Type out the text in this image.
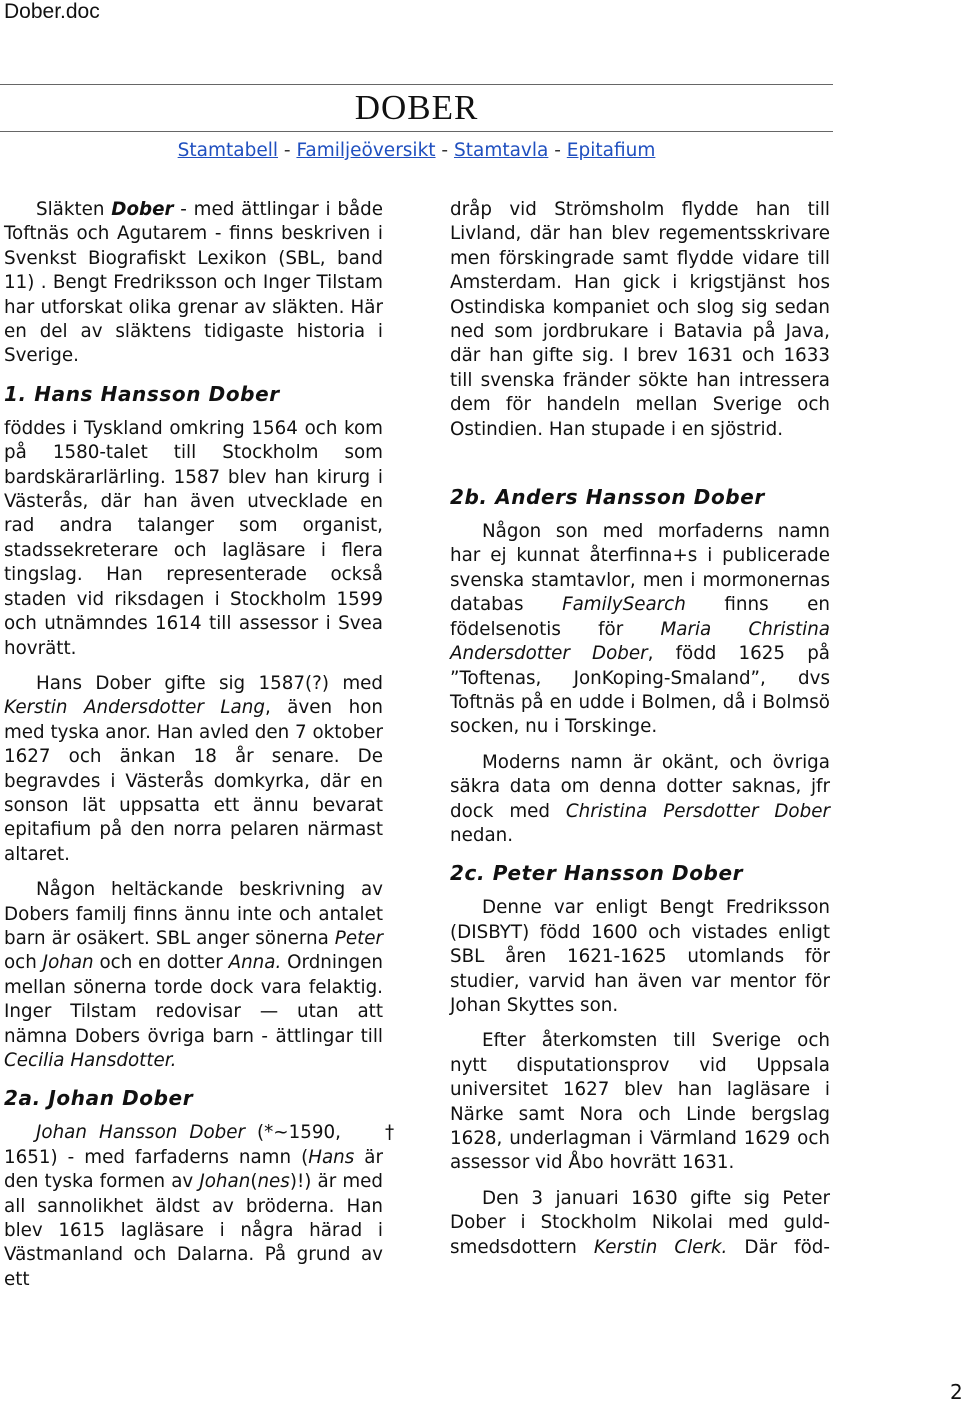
Dober.doc
DOBER
Stamtabell - Familjeöversikt - Stamtavla - Epitafium

Släkten Dober - med ättlingar i både Toftnäs och Agutarem - finns beskriven i Svenkst Biografiskt Lexikon (SBL, band 11) . Bengt Fredriksson och Inger Tilstam har utforskat olika grenar av släkten. Här en del av släktens tidigaste historia i Sverige.

1. Hans Hansson Dober

föddes i Tyskland omkring 1564 och kom på 1580-talet till Stockholm som bardskärarlärling. 1587 blev han kirurg i Västerås, där han även utvecklade en rad andra talanger som organist, stadssekreterare och lagläsare i flera tingslag. Han representerade också staden vid riksdagen i Stockholm 1599 och utnämndes 1614 till assessor i Svea hovrätt.

Hans Dober gifte sig 1587(?) med Kerstin Andersdotter Lang, även hon med tyska anor. Han avled den 7 oktober 1627 och änkan 18 år senare. De begravdes i Västerås domkyrka, där en sonson lät uppsatta ett ännu bevarat epitafium på den norra pelaren närmast altaret.

Någon heltäckande beskrivning av Dobers familj finns ännu inte och antalet barn är osäkert. SBL anger sönerna Peter och Johan och en dotter Anna. Ordningen mellan sönerna torde dock vara felaktig. Inger Tilstam redovisar — utan att nämna Dobers övriga barn - ättlingar till Cecilia Hansdotter.

2a. Johan Dober

Johan Hansson Dober (*~1590, † 1651) - med farfaderns namn (Hans är den tyska formen av Johan(nes)!) är med all sannolikhet äldst av bröderna. Han blev 1615 lagläsare i några härad i Västmanland och Dalarna. På grund av ett

dråp vid Strömsholm flydde han till Livland, där han blev regementsskrivare men förskingrade samt flydde vidare till Amsterdam. Han gick i krigstjänst hos Ostindiska kompaniet och slog sig sedan ned som jordbrukare i Batavia på Java, där han gifte sig. I brev 1631 och 1633 till svenska fränder sökte han intressera dem för handeln mellan Sverige och Ostindien. Han stupade i en sjöstrid.

2b. Anders Hansson Dober

Någon son med morfaderns namn har ej kunnat återfinna+s i publicerade svenska stamtavlor, men i mormonernas databas FamilySearch finns en födelsenotis för Maria Christina Andersdotter Dober, född 1625 på ”Toftenas, JonKoping-Smaland”, dvs Toftnäs på en udde i Bolmen, då i Bolmsö socken, nu i Torskinge.

Moderns namn är okänt, och övriga säkra data om denna dotter saknas, jfr dock med Christina Persdotter Dober nedan.

2c. Peter Hansson Dober

Denne var enligt Bengt Fredriksson (DISBYT) född 1600 och vistades enligt SBL åren 1621-1625 utomlands för studier, varvid han även var mentor för Johan Skyttes son.

Efter återkomsten till Sverige och nytt disputationsprov vid Uppsala universitet 1627 blev han lagläsare i Närke samt Nora och Linde bergslag 1628, underlagman i Värmland 1629 och assessor vid Åbo hovrätt 1631.

Den 3 januari 1630 gifte sig Peter Dober i Stockholm Nikolai med guldsmedsdottern Kerstin Clerk. Där föd-

2
